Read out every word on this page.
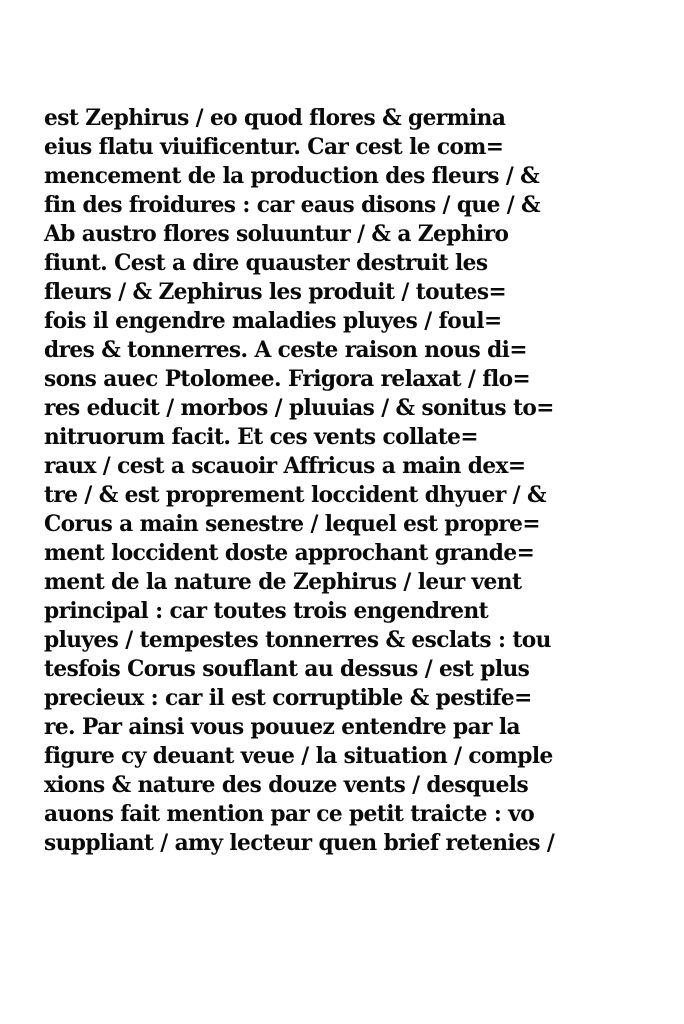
est Zephirus / eo quod flores & germina
eius flatu viuificentur. Car cest le com=
mencement de la production des fleurs / &
fin des froidures : car eaus disons / que / &
Ab austro flores soluuntur / & a Zephiro
fiunt. Cest a dire quauster destruit les
fleurs / & Zephirus les produit / toutes=
fois il engendre maladies pluyes / foul=
dres & tonnerres. A ceste raison nous di=
sons auec Ptolomee. Frigora relaxat / flo=
res educit / morbos / pluuias / & sonitus to=
nitruorum facit. Et ces vents collate=
raux / cest a scauoir Affricus a main dex=
tre / & est proprement loccident dhyuer / &
Corus a main senestre / lequel est propre=
ment loccident doste approchant grande=
ment de la nature de Zephirus / leur vent
principal : car toutes trois engendrent
pluyes / tempestes tonnerres & esclats : tou
tesfois Corus souflant au dessus / est plus
precieux : car il est corruptible & pestife=
re. Par ainsi vous pouuez entendre par la
figure cy deuant veue / la situation / comple
xions & nature des douze vents / desquels
auons fait mention par ce petit traicte : vo
suppliant / amy lecteur quen brief retenies /
